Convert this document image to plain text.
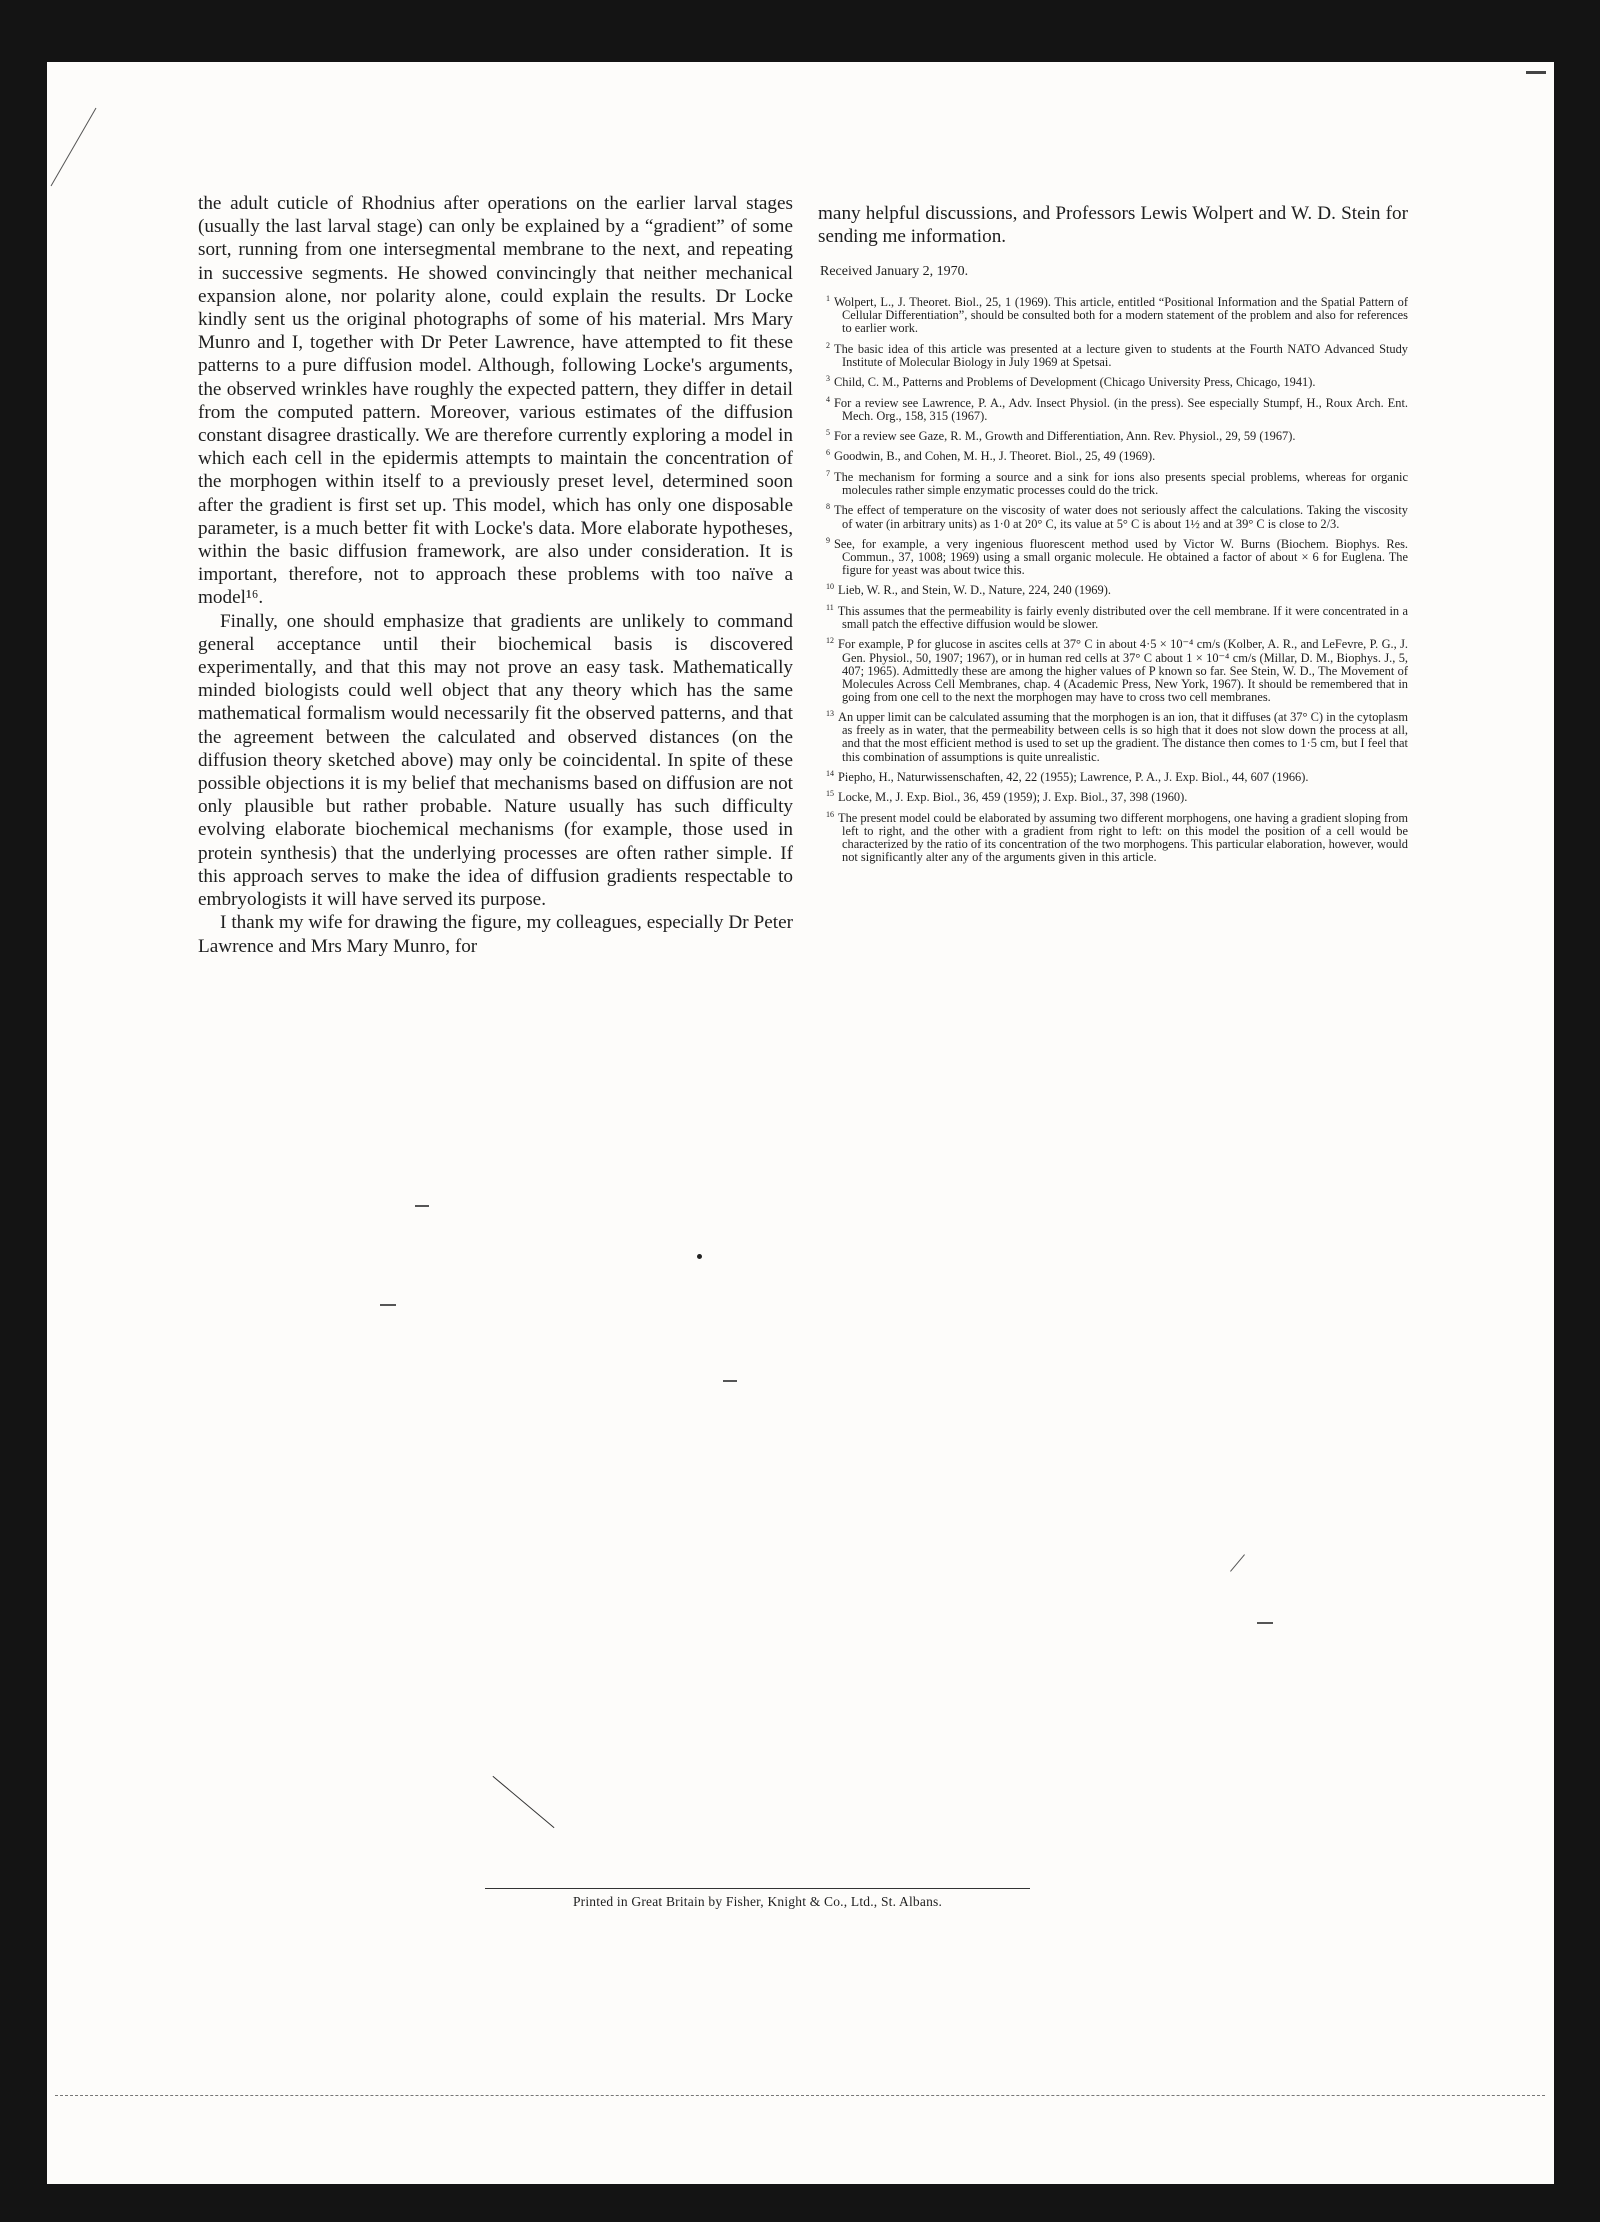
▬▬

the adult cuticle of Rhodnius after operations on the earlier larval stages (usually the last larval stage) can only be explained by a “gradient” of some sort, running from one intersegmental membrane to the next, and repeating in successive segments. He showed convincingly that neither mechanical expansion alone, nor polarity alone, could explain the results. Dr Locke kindly sent us the original photographs of some of his material. Mrs Mary Munro and I, together with Dr Peter Lawrence, have attempted to fit these patterns to a pure diffusion model. Although, following Locke's arguments, the observed wrinkles have roughly the expected pattern, they differ in detail from the computed pattern. Moreover, various estimates of the diffusion constant disagree drastically. We are therefore currently exploring a model in which each cell in the epidermis attempts to maintain the concentration of the morphogen within itself to a previously preset level, determined soon after the gradient is first set up. This model, which has only one disposable parameter, is a much better fit with Locke's data. More elaborate hypotheses, within the basic diffusion framework, are also under consideration. It is important, therefore, not to approach these problems with too naïve a model¹⁶.

Finally, one should emphasize that gradients are unlikely to command general acceptance until their biochemical basis is discovered experimentally, and that this may not prove an easy task. Mathematically minded biologists could well object that any theory which has the same mathematical formalism would necessarily fit the observed patterns, and that the agreement between the calculated and observed distances (on the diffusion theory sketched above) may only be coincidental. In spite of these possible objections it is my belief that mechanisms based on diffusion are not only plausible but rather probable. Nature usually has such difficulty evolving elaborate biochemical mechanisms (for example, those used in protein synthesis) that the underlying processes are often rather simple. If this approach serves to make the idea of diffusion gradients respectable to embryologists it will have served its purpose.

I thank my wife for drawing the figure, my colleagues, especially Dr Peter Lawrence and Mrs Mary Munro, for

many helpful discussions, and Professors Lewis Wolpert and W. D. Stein for sending me information.

Received January 2, 1970.
$^1$ Wolpert, L., J. Theoret. Biol., 25, 1 (1969). This article, entitled “Positional Information and the Spatial Pattern of Cellular Differentiation”, should be consulted both for a modern statement of the problem and also for references to earlier work.
$^2$ The basic idea of this article was presented at a lecture given to students at the Fourth NATO Advanced Study Institute of Molecular Biology in July 1969 at Spetsai.
$^3$ Child, C. M., Patterns and Problems of Development (Chicago University Press, Chicago, 1941).
$^4$ For a review see Lawrence, P. A., Adv. Insect Physiol. (in the press). See especially Stumpf, H., Roux Arch. Ent. Mech. Org., 158, 315 (1967).
$^5$ For a review see Gaze, R. M., Growth and Differentiation, Ann. Rev. Physiol., 29, 59 (1967).
$^6$ Goodwin, B., and Cohen, M. H., J. Theoret. Biol., 25, 49 (1969).
$^7$ The mechanism for forming a source and a sink for ions also presents special problems, whereas for organic molecules rather simple enzymatic processes could do the trick.
$^8$ The effect of temperature on the viscosity of water does not seriously affect the calculations. Taking the viscosity of water (in arbitrary units) as 1·0 at 20° C, its value at 5° C is about 1½ and at 39° C is close to 2/3.
$^9$ See, for example, a very ingenious fluorescent method used by Victor W. Burns (Biochem. Biophys. Res. Commun., 37, 1008; 1969) using a small organic molecule. He obtained a factor of about × 6 for Euglena. The figure for yeast was about twice this.
$^{10}$ Lieb, W. R., and Stein, W. D., Nature, 224, 240 (1969).
$^{11}$ This assumes that the permeability is fairly evenly distributed over the cell membrane. If it were concentrated in a small patch the effective diffusion would be slower.
$^{12}$ For example, P for glucose in ascites cells at 37° C in about 4·5 × 10⁻⁴ cm/s (Kolber, A. R., and LeFevre, P. G., J. Gen. Physiol., 50, 1907; 1967), or in human red cells at 37° C about 1 × 10⁻⁴ cm/s (Millar, D. M., Biophys. J., 5, 407; 1965). Admittedly these are among the higher values of P known so far. See Stein, W. D., The Movement of Molecules Across Cell Membranes, chap. 4 (Academic Press, New York, 1967). It should be remembered that in going from one cell to the next the morphogen may have to cross two cell membranes.
$^{13}$ An upper limit can be calculated assuming that the morphogen is an ion, that it diffuses (at 37° C) in the cytoplasm as freely as in water, that the permeability between cells is so high that it does not slow down the process at all, and that the most efficient method is used to set up the gradient. The distance then comes to 1·5 cm, but I feel that this combination of assumptions is quite unrealistic.
$^{14}$ Piepho, H., Naturwissenschaften, 42, 22 (1955); Lawrence, P. A., J. Exp. Biol., 44, 607 (1966).
$^{15}$ Locke, M., J. Exp. Biol., 36, 459 (1959); J. Exp. Biol., 37, 398 (1960).
$^{16}$ The present model could be elaborated by assuming two different morphogens, one having a gradient sloping from left to right, and the other with a gradient from right to left: on this model the position of a cell would be characterized by the ratio of its concentration of the two morphogens. This particular elaboration, however, would not significantly alter any of the arguments given in this article.
Printed in Great Britain by Fisher, Knight & Co., Ltd., St. Albans.
